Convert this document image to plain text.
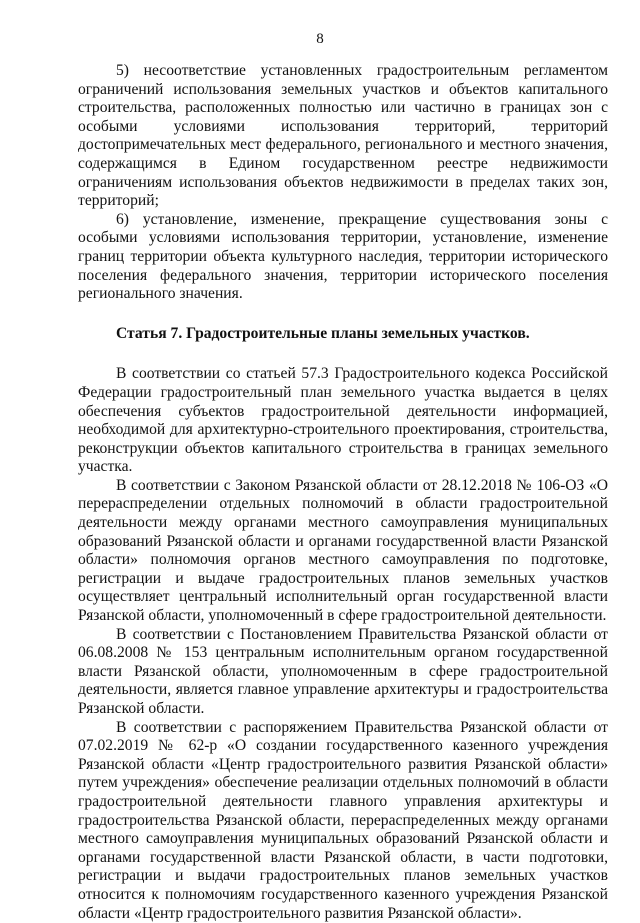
8

5) несоответствие установленных градостроительным регламентом ограничений использования земельных участков и объектов капитального строительства, расположенных полностью или частично в границах зон с особыми условиями использования территорий, территорий достопримечательных мест федерального, регионального и местного значения, содержащимся в Едином государственном реестре недвижимости ограничениям использования объектов недвижимости в пределах таких зон, территорий;

6) установление, изменение, прекращение существования зоны с особыми условиями использования территории, установление, изменение границ территории объекта культурного наследия, территории исторического поселения федерального значения, территории исторического поселения регионального значения.

Статья 7. Градостроительные планы земельных участков.

В соответствии со статьей 57.3 Градостроительного кодекса Российской Федерации градостроительный план земельного участка выдается в целях обеспечения субъектов градостроительной деятельности информацией, необходимой для архитектурно-строительного проектирования, строительства, реконструкции объектов капитального строительства в границах земельного участка.

В соответствии с Законом Рязанской области от 28.12.2018 № 106-ОЗ «О перераспределении отдельных полномочий в области градостроительной деятельности между органами местного самоуправления муниципальных образований Рязанской области и органами государственной власти Рязанской области» полномочия органов местного самоуправления по подготовке, регистрации и выдаче градостроительных планов земельных участков осуществляет центральный исполнительный орган государственной власти Рязанской области, уполномоченный в сфере градостроительной деятельности.

В соответствии с Постановлением Правительства Рязанской области от 06.08.2008 № 153 центральным исполнительным органом государственной власти Рязанской области, уполномоченным в сфере градостроительной деятельности, является главное управление архитектуры и градостроительства Рязанской области.

В соответствии с распоряжением Правительства Рязанской области от 07.02.2019 № 62-р «О создании государственного казенного учреждения Рязанской области «Центр градостроительного развития Рязанской области» путем учреждения» обеспечение реализации отдельных полномочий в области градостроительной деятельности главного управления архитектуры и градостроительства Рязанской области, перераспределенных между органами местного самоуправления муниципальных образований Рязанской области и органами государственной власти Рязанской области, в части подготовки, регистрации и выдачи градостроительных планов земельных участков относится к полномочиям государственного казенного учреждения Рязанской области «Центр градостроительного развития Рязанской области».
